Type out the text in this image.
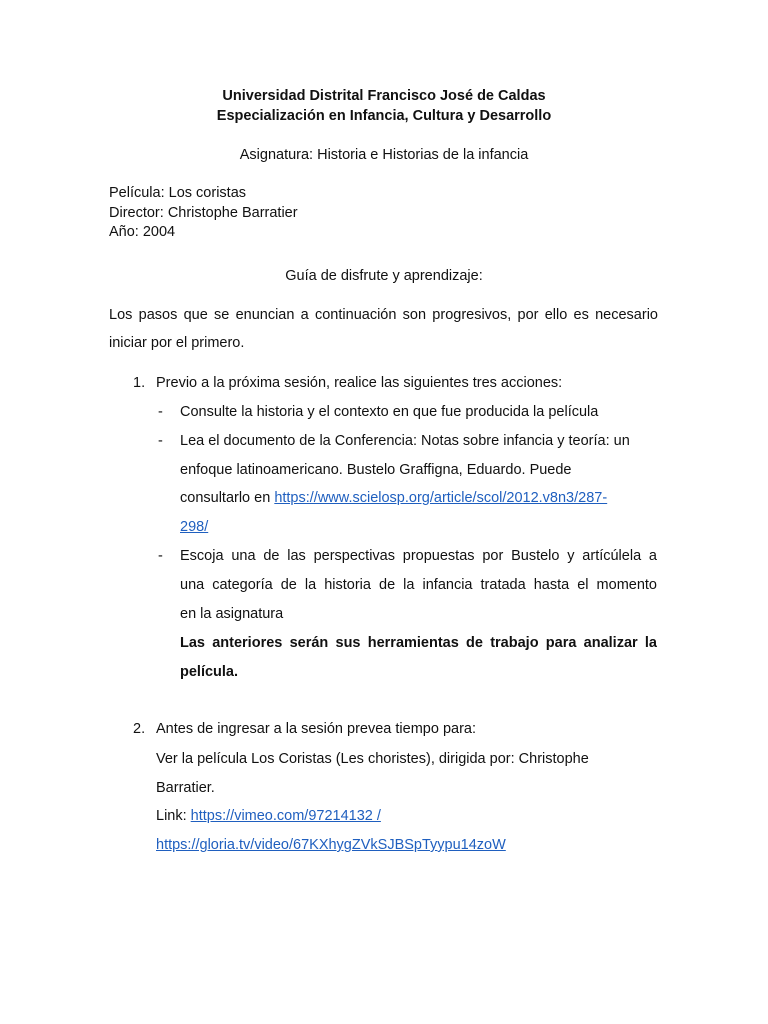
Universidad Distrital Francisco José de Caldas
Especialización en Infancia, Cultura y Desarrollo
Asignatura: Historia e Historias de la infancia
Película: Los coristas
Director: Christophe Barratier
Año: 2004
Guía de disfrute y aprendizaje:
Los pasos que se enuncian a continuación son progresivos, por ello es necesario
iniciar por el primero.
1. Previo a la próxima sesión, realice las siguientes tres acciones:
- Consulte la historia y el contexto en que fue producida la película
- Lea el documento de la Conferencia: Notas sobre infancia y teoría: un
enfoque latinoamericano. Bustelo Graffigna, Eduardo. Puede
consultarlo en https://www.scielosp.org/article/scol/2012.v8n3/287-
298/
- Escoja una de las perspectivas propuestas por Bustelo y artícúlela a
una categoría de la historia de la infancia tratada hasta el momento
en la asignatura
Las anteriores serán sus herramientas de trabajo para analizar la
película.
2. Antes de ingresar a la sesión prevea tiempo para:
Ver la película Los Coristas (Les choristes), dirigida por: Christophe
Barratier.
Link: https://vimeo.com/97214132 /
https://gloria.tv/video/67KXhygZVkSJBSpTyypu14zoW
